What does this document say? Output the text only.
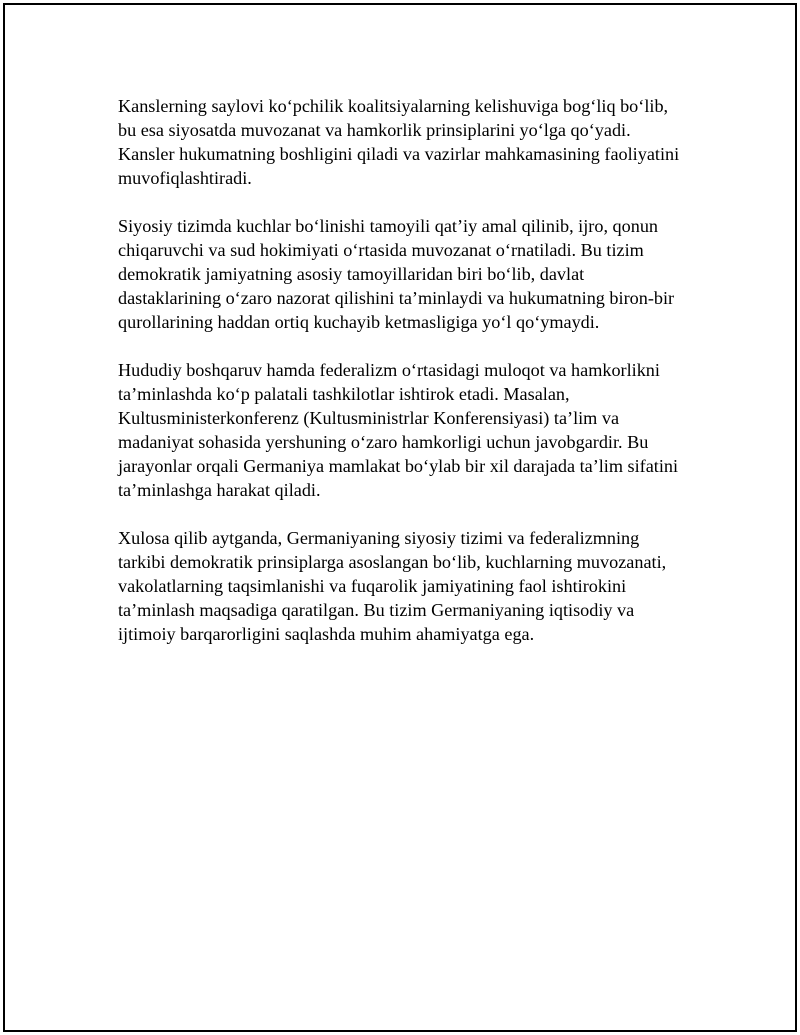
Kanslerning saylovi ko‘pchilik koalitsiyalarning kelishuviga bog‘liq bo‘lib,
bu esa siyosatda muvozanat va hamkorlik prinsiplarini yo‘lga qo‘yadi.
Kansler hukumatning boshligini qiladi va vazirlar mahkamasining faoliyatini
muvofiqlashtiradi.

Siyosiy tizimda kuchlar bo‘linishi tamoyili qat’iy amal qilinib, ijro, qonun
chiqaruvchi va sud hokimiyati o‘rtasida muvozanat o‘rnatiladi. Bu tizim
demokratik jamiyatning asosiy tamoyillaridan biri bo‘lib, davlat
dastaklarining o‘zaro nazorat qilishini ta’minlaydi va hukumatning biron-bir
qurollarining haddan ortiq kuchayib ketmasligiga yo‘l qo‘ymaydi.

Hududiy boshqaruv hamda federalizm o‘rtasidagi muloqot va hamkorlikni
ta’minlashda ko‘p palatali tashkilotlar ishtirok etadi. Masalan,
Kultusministerkonferenz (Kultusministrlar Konferensiyasi) ta’lim va
madaniyat sohasida yershuning o‘zaro hamkorligi uchun javobgardir. Bu
jarayonlar orqali Germaniya mamlakat bo‘ylab bir xil darajada ta’lim sifatini
ta’minlashga harakat qiladi.

Xulosa qilib aytganda, Germaniyaning siyosiy tizimi va federalizmning
tarkibi demokratik prinsiplarga asoslangan bo‘lib, kuchlarning muvozanati,
vakolatlarning taqsimlanishi va fuqarolik jamiyatining faol ishtirokini
ta’minlash maqsadiga qaratilgan. Bu tizim Germaniyaning iqtisodiy va
ijtimoiy barqarorligini saqlashda muhim ahamiyatga ega.
